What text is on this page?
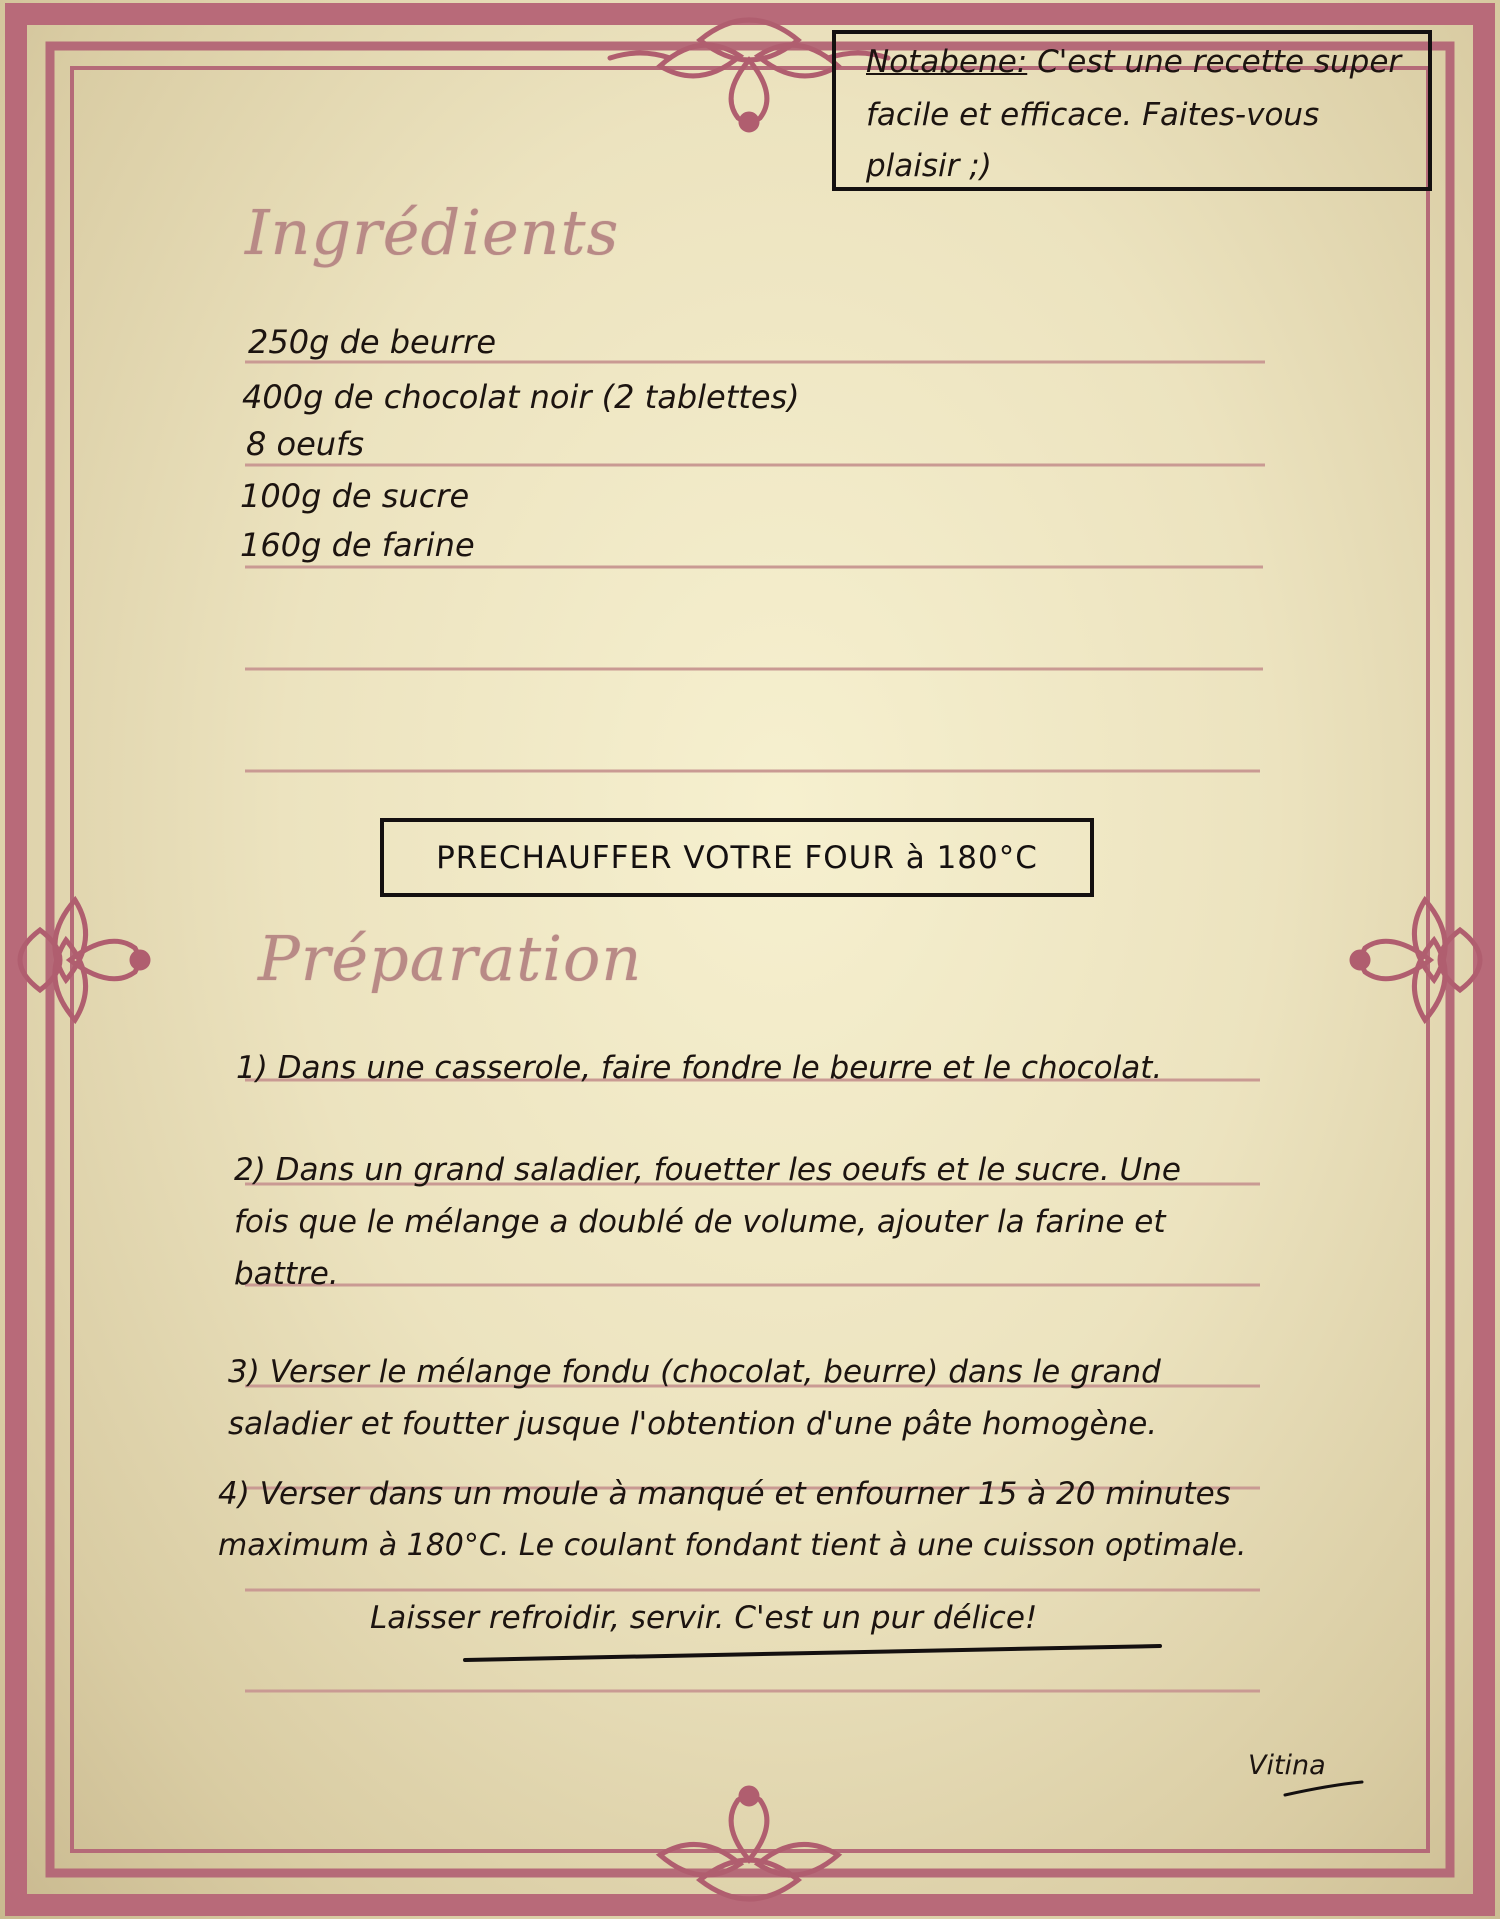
Notabene: C'est une recette super
facile et efficace. Faites-vous
plaisir ;)
Ingrédients
250g de beurre
400g de chocolat noir (2 tablettes)
8 oeufs
100g de sucre
160g de farine
PRECHAUFFER VOTRE FOUR à 180°C
Préparation
1) Dans une casserole, faire fondre le beurre et le chocolat.
2) Dans un grand saladier, fouetter les oeufs et le sucre. Une
fois que le mélange a doublé de volume, ajouter la farine et
battre.
3) Verser le mélange fondu (chocolat, beurre) dans le grand
saladier et foutter jusque l'obtention d'une pâte homogène.
4) Verser dans un moule à manqué et enfourner 15 à 20 minutes
maximum à 180°C. Le coulant fondant tient à une cuisson optimale.
Laisser refroidir, servir. C'est un pur délice!
Vitina
